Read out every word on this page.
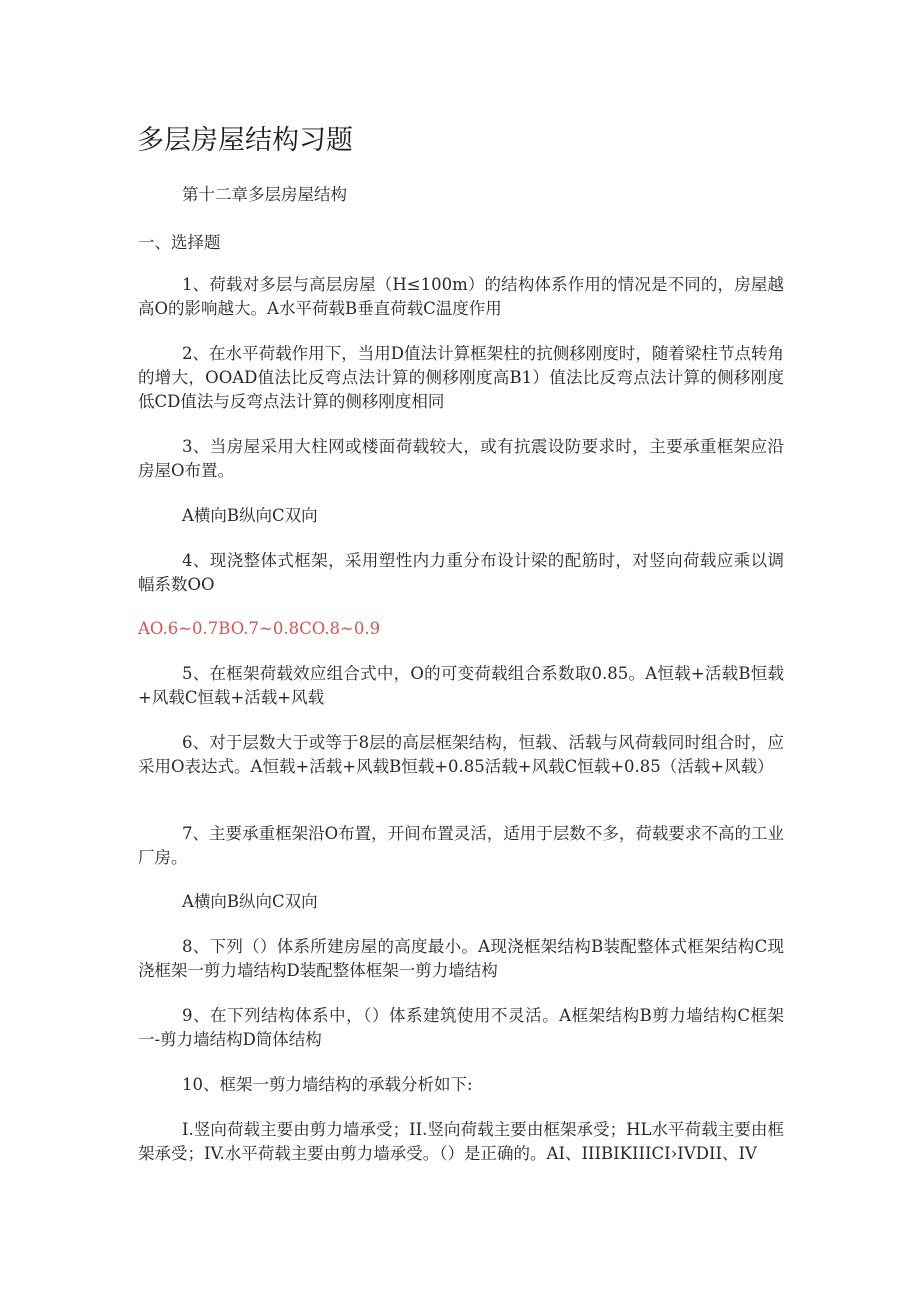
多层房屋结构习题

第十二章多层房屋结构

一、选择题

1、荷载对多层与高层房屋（H≤100m）的结构体系作用的情况是不同的，房屋越高O的影响越大。A水平荷载B垂直荷载C温度作用

2、在水平荷载作用下，当用D值法计算框架柱的抗侧移刚度时，随着梁柱节点转角的增大，OOAD值法比反弯点法计算的侧移刚度高B1）值法比反弯点法计算的侧移刚度低CD值法与反弯点法计算的侧移刚度相同

3、当房屋采用大柱网或楼面荷载较大，或有抗震设防要求时，主要承重框架应沿房屋O布置。

A横向B纵向C双向

4、现浇整体式框架，采用塑性内力重分布设计梁的配筋时，对竖向荷载应乘以调幅系数OO

AO.6~0.7BO.7~0.8CO.8~0.9

5、在框架荷载效应组合式中，O的可变荷载组合系数取0.85。A恒载+活载B恒载+风载C恒载+活载+风载

6、对于层数大于或等于8层的高层框架结构，恒载、活载与风荷载同时组合时，应采用O表达式。A恒载+活载+风载B恒载+0.85活载+风载C恒载+0.85（活载+风载）

7、主要承重框架沿O布置，开间布置灵活，适用于层数不多，荷载要求不高的工业厂房。

A横向B纵向C双向

8、下列（）体系所建房屋的高度最小。A现浇框架结构B装配整体式框架结构C现浇框架一剪力墙结构D装配整体框架一剪力墙结构

9、在下列结构体系中，（）体系建筑使用不灵活。A框架结构B剪力墙结构C框架一-剪力墙结构D筒体结构

10、框架一剪力墙结构的承载分析如下:

I.竖向荷载主要由剪力墙承受；II.竖向荷载主要由框架承受；HL水平荷载主要由框架承受；IV.水平荷载主要由剪力墙承受。（）是正确的。AI、IIIBIKIIICI›IVDII、IV
